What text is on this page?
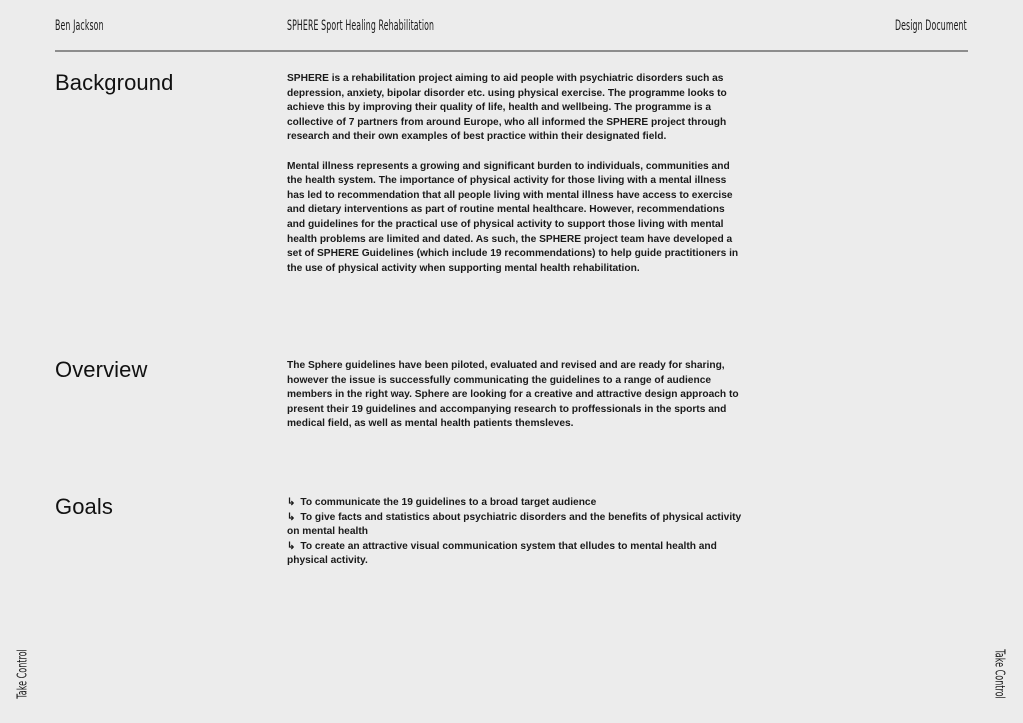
Ben Jackson	SPHERE Sport Healing Rehabilitation	Design Document
Background	SPHERE is a rehabilitation project aiming to aid people with psychiatric disorders such as depression, anxiety, bipolar disorder etc. using physical exercise. The programme looks to achieve this by improving their quality of life, health and wellbeing. The programme is a collective of 7 partners from around Europe, who all informed the SPHERE project through research and their own examples of best practice within their designated field.

Mental illness represents a growing and significant burden to individuals, communities and the health system. The importance of physical activity for those living with a mental illness has led to recommendation that all people living with mental illness have access to exercise and dietary interventions as part of routine mental healthcare. However, recommendations and guidelines for the practical use of physical activity to support those living with mental health problems are limited and dated. As such, the SPHERE project team have developed a set of SPHERE Guidelines (which include 19 recommendations) to help guide practitioners in the use of physical activity when supporting mental health rehabilitation.

Overview	The Sphere guidelines have been piloted, evaluated and revised and are ready for sharing, however the issue is successfully communicating the guidelines to a range of audience members in the right way. Sphere are looking for a creative and attractive design approach to present their 19 guidelines and accompanying research to proffessionals in the sports and medical field, as well as mental health patients themsleves.

Goals	↳ To communicate the 19 guidelines to a broad target audience
↳ To give facts and statistics about psychiatric disorders and the benefits of physical activity on mental health
↳ To create an attractive visual communication system that elludes to mental health and physical activity.
Take Control	Take Control
